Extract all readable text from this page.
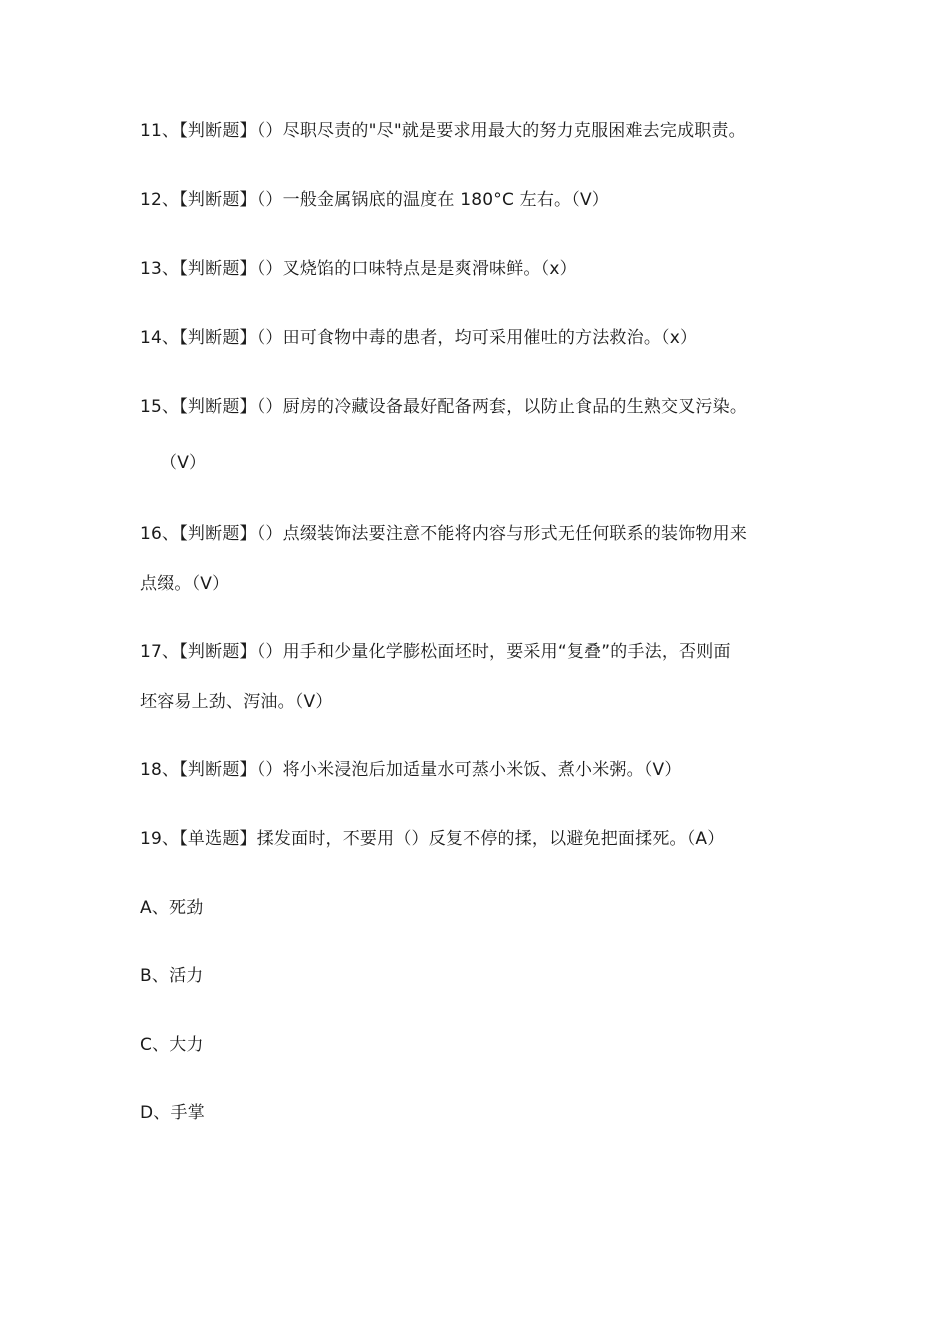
11、【判断题】（）尽职尽责的"尽"就是要求用最大的努力克服困难去完成职责。
12、【判断题】（）一般金属锅底的温度在 180°C 左右。（V）
13、【判断题】（）叉烧馅的口味特点是是爽滑味鲜。（x）
14、【判断题】（）田可食物中毒的患者，均可采用催吐的方法救治。（x）
15、【判断题】（）厨房的冷藏设备最好配备两套，以防止食品的生熟交叉污染。
（V）
16、【判断题】（）点缀装饰法要注意不能将内容与形式无任何联系的装饰物用来
点缀。（V）
17、【判断题】（）用手和少量化学膨松面坯时，要采用“复叠”的手法，否则面
坯容易上劲、泻油。（V）
18、【判断题】（）将小米浸泡后加适量水可蒸小米饭、煮小米粥。（V）
19、【单选题】揉发面时，不要用（）反复不停的揉，以避免把面揉死。（A）
A、死劲
B、活力
C、大力
D、手掌
